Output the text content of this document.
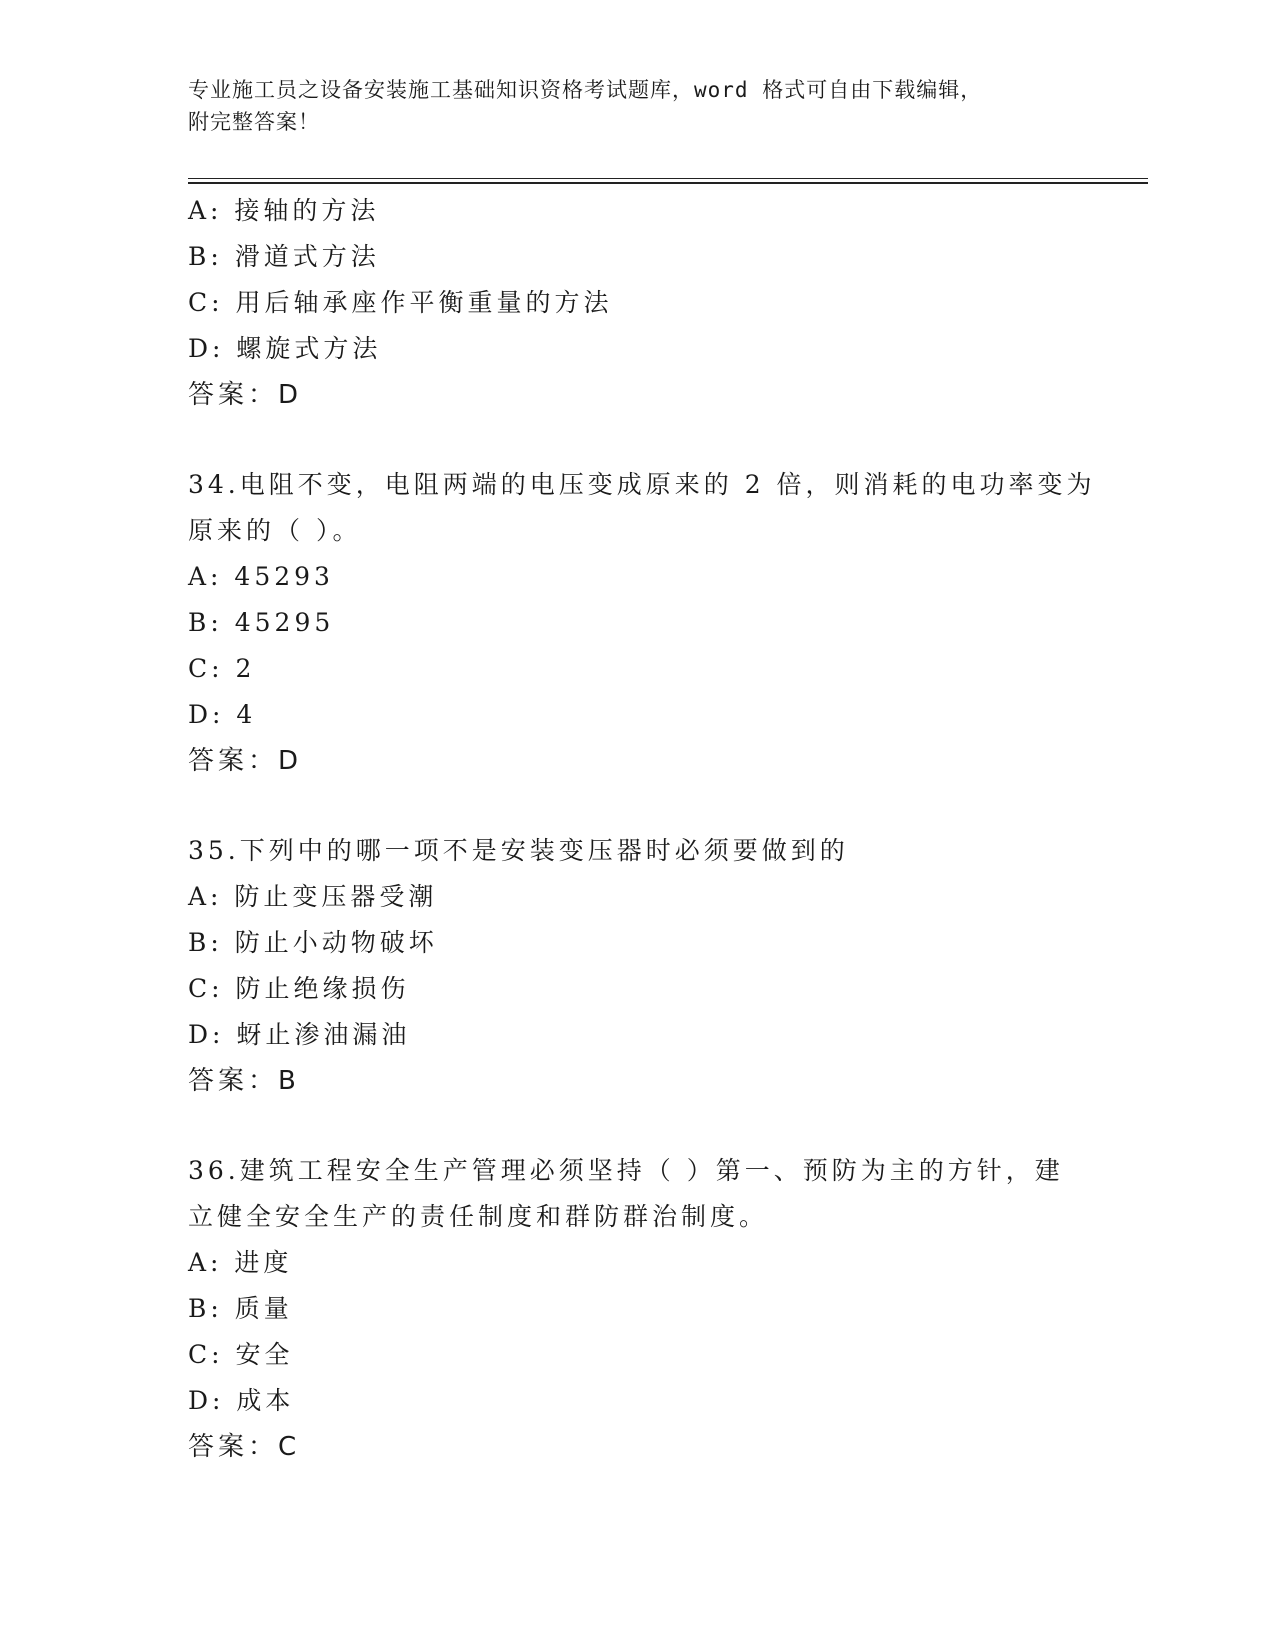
专业施工员之设备安装施工基础知识资格考试题库，word 格式可自由下载编辑，
附完整答案！
A: 接轴的方法
B: 滑道式方法
C: 用后轴承座作平衡重量的方法
D: 螺旋式方法
答案：D
34.电阻不变，电阻两端的电压变成原来的 2 倍，则消耗的电功率变为
原来的（ ）。
A: 45293
B: 45295
C: 2
D: 4
答案：D
35.下列中的哪一项不是安装变压器时必须要做到的
A: 防止变压器受潮
B: 防止小动物破坏
C: 防止绝缘损伤
D: 蚜止渗油漏油
答案：B
36.建筑工程安全生产管理必须坚持（ ）第一、预防为主的方针，建
立健全安全生产的责任制度和群防群治制度。
A: 进度
B: 质量
C: 安全
D: 成本
答案：C
